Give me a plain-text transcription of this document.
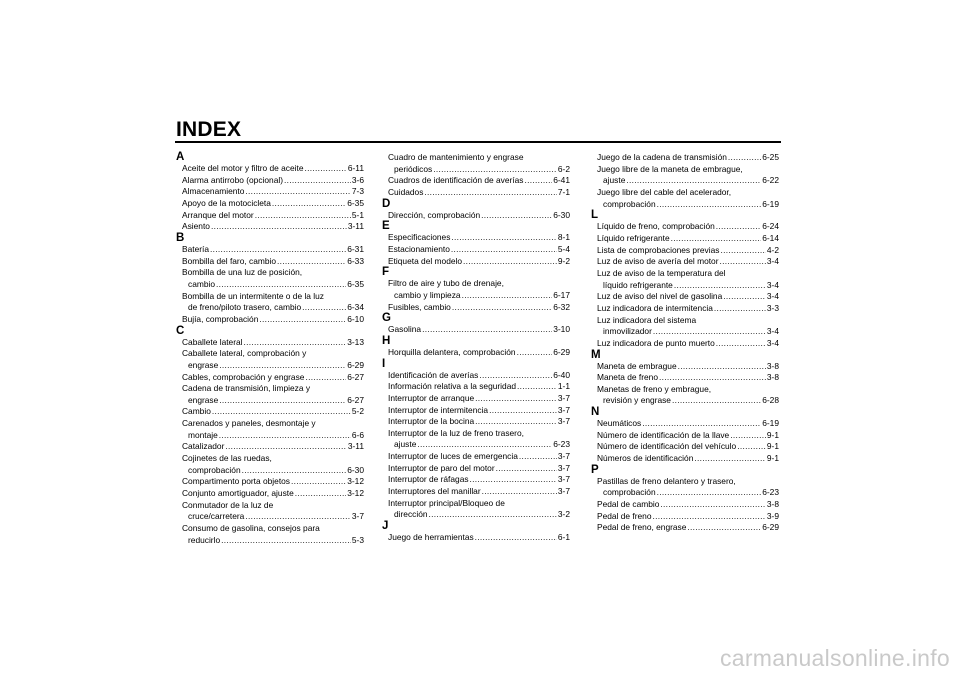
INDEX
A
Aceite del motor y filtro de aceite .....	6-11
Alarma antirrobo (opcional) .....	3-6
Almacenamiento .....	7-3
Apoyo de la motocicleta .....	6-35
Arranque del motor .....	5-1
Asiento .....	3-11
B
Batería .....	6-31
Bombilla del faro, cambio .....	6-33
Bombilla de una luz de posición,
cambio .....	6-35
Bombilla de un intermitente o de la luz
de freno/piloto trasero, cambio .....	6-34
Bujía, comprobación .....	6-10
C
Caballete lateral .....	3-13
Caballete lateral, comprobación y
engrase .....	6-29
Cables, comprobación y engrase .....	6-27
Cadena de transmisión, limpieza y
engrase .....	6-27
Cambio .....	5-2
Carenados y paneles, desmontaje y
montaje .....	6-6
Catalizador .....	3-11
Cojinetes de las ruedas,
comprobación .....	6-30
Compartimento porta objetos .....	3-12
Conjunto amortiguador, ajuste .....	3-12
Conmutador de la luz de
cruce/carretera .....	3-7
Consumo de gasolina, consejos para
reducirlo .....	5-3
Cuadro de mantenimiento y engrase
periódicos .....	6-2
Cuadros de identificación de averías .....	6-41
Cuidados .....	7-1
D
Dirección, comprobación .....	6-30
E
Especificaciones .....	8-1
Estacionamiento .....	5-4
Etiqueta del modelo .....	9-2
F
Filtro de aire y tubo de drenaje,
cambio y limpieza .....	6-17
Fusibles, cambio .....	6-32
G
Gasolina .....	3-10
H
Horquilla delantera, comprobación .....	6-29
I
Identificación de averías .....	6-40
Información relativa a la seguridad .....	1-1
Interruptor de arranque .....	3-7
Interruptor de intermitencia .....	3-7
Interruptor de la bocina .....	3-7
Interruptor de la luz de freno trasero,
ajuste .....	6-23
Interruptor de luces de emergencia .....	3-7
Interruptor de paro del motor .....	3-7
Interruptor de ráfagas .....	3-7
Interruptores del manillar .....	3-7
Interruptor principal/Bloqueo de
dirección .....	3-2
J
Juego de herramientas .....	6-1
Juego de la cadena de transmisión .....	6-25
Juego libre de la maneta de embrague,
ajuste .....	6-22
Juego libre del cable del acelerador,
comprobación .....	6-19
L
Líquido de freno, comprobación .....	6-24
Líquido refrigerante .....	6-14
Lista de comprobaciones previas .....	4-2
Luz de aviso de avería del motor .....	3-4
Luz de aviso de la temperatura del
líquido refrigerante .....	3-4
Luz de aviso del nivel de gasolina .....	3-4
Luz indicadora de intermitencia .....	3-3
Luz indicadora del sistema
inmovilizador .....	3-4
Luz indicadora de punto muerto .....	3-4
M
Maneta de embrague .....	3-8
Maneta de freno .....	3-8
Manetas de freno y embrague,
revisión y engrase .....	6-28
N
Neumáticos .....	6-19
Número de identificación de la llave .....	9-1
Número de identificación del vehículo .....	9-1
Números de identificación .....	9-1
P
Pastillas de freno delantero y trasero,
comprobación .....	6-23
Pedal de cambio .....	3-8
Pedal de freno .....	3-9
Pedal de freno, engrase .....	6-29
carmanualsonline.info
